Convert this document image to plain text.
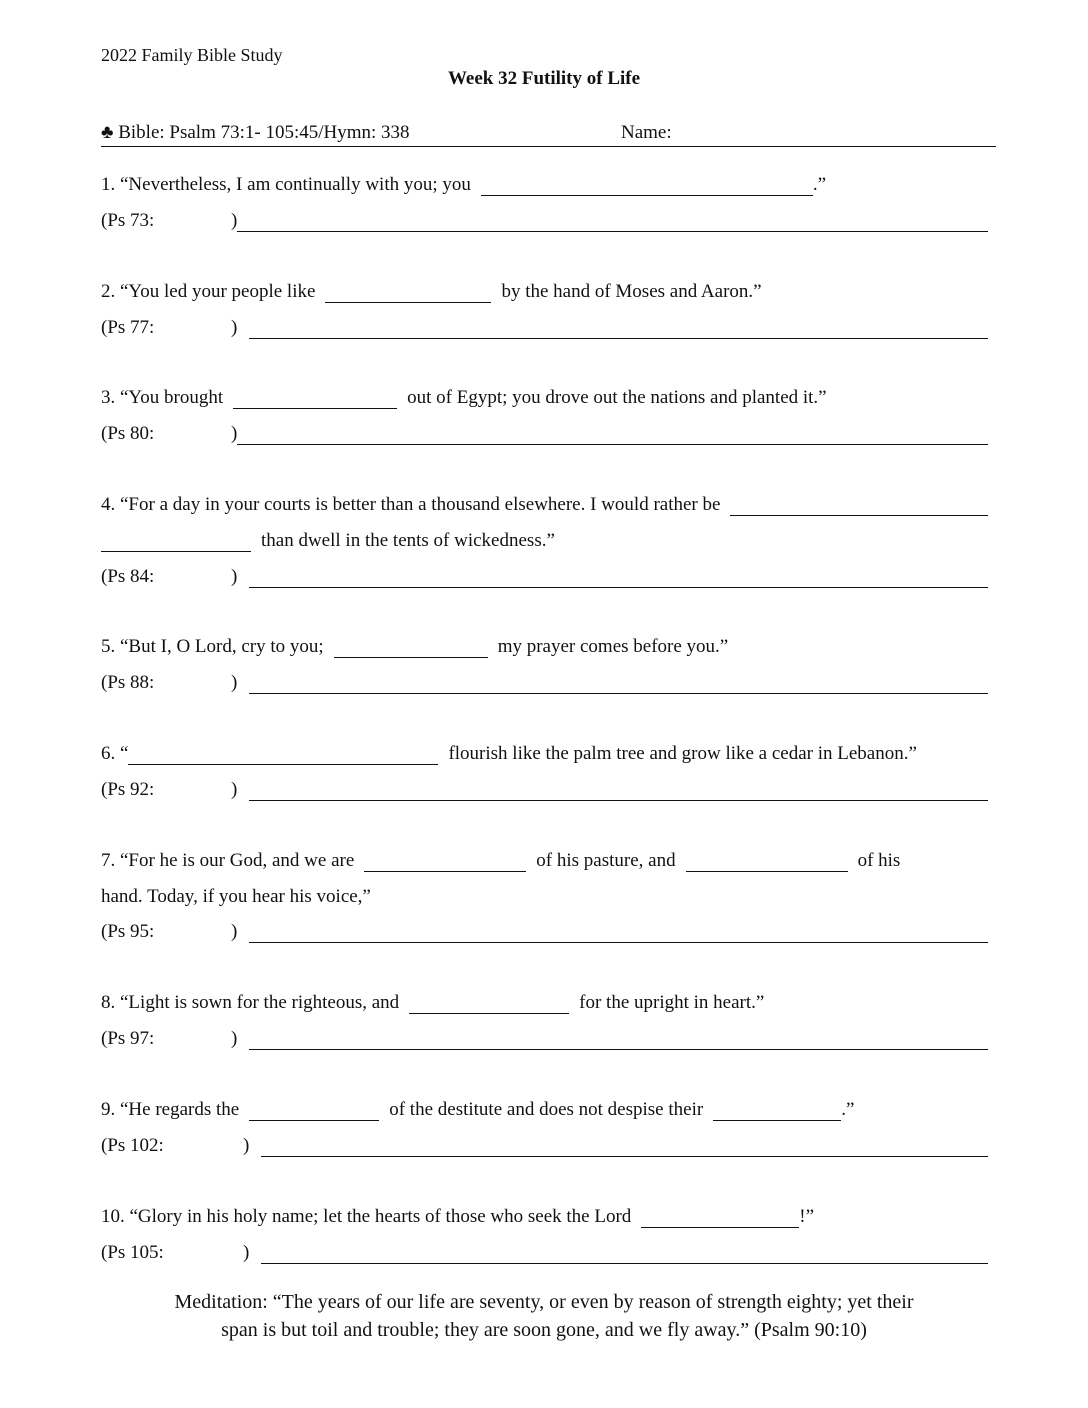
2022 Family Bible Study
Week 32 Futility of Life
♣ Bible: Psalm 73:1- 105:45/Hymn: 338	Name:
1.
“Nevertheless, I am continually with you; you	.”
(Ps 73:	)
2.
“You led your people like	by the hand of Moses and Aaron.”
(Ps 77:	)
3.
“You brought	out of Egypt; you drove out the nations and planted it.”
(Ps 80:	)
4.
“For a day in your courts is better than a thousand elsewhere. I would rather be
than dwell in the tents of wickedness.”
(Ps 84:	)
5.
“But I, O Lord, cry to you;	my prayer comes before you.”
(Ps 88:	)
6.
“	flourish like the palm tree and grow like a cedar in Lebanon.”
(Ps 92:	)
7.
“For he is our God, and we are	of his pasture, and	of his
hand. Today, if you hear his voice,”
(Ps 95:	)
8.
“Light is sown for the righteous, and	for the upright in heart.”
(Ps 97:	)
9.
“He regards the	of the destitute and does not despise their	.”
(Ps 102:	)
10.
“Glory in his holy name; let the hearts of those who seek the Lord	!”
(Ps 105:	)
Meditation: “The years of our life are seventy, or even by reason of strength eighty; yet their
span is but toil and trouble; they are soon gone, and we fly away.” (Psalm 90:10)
